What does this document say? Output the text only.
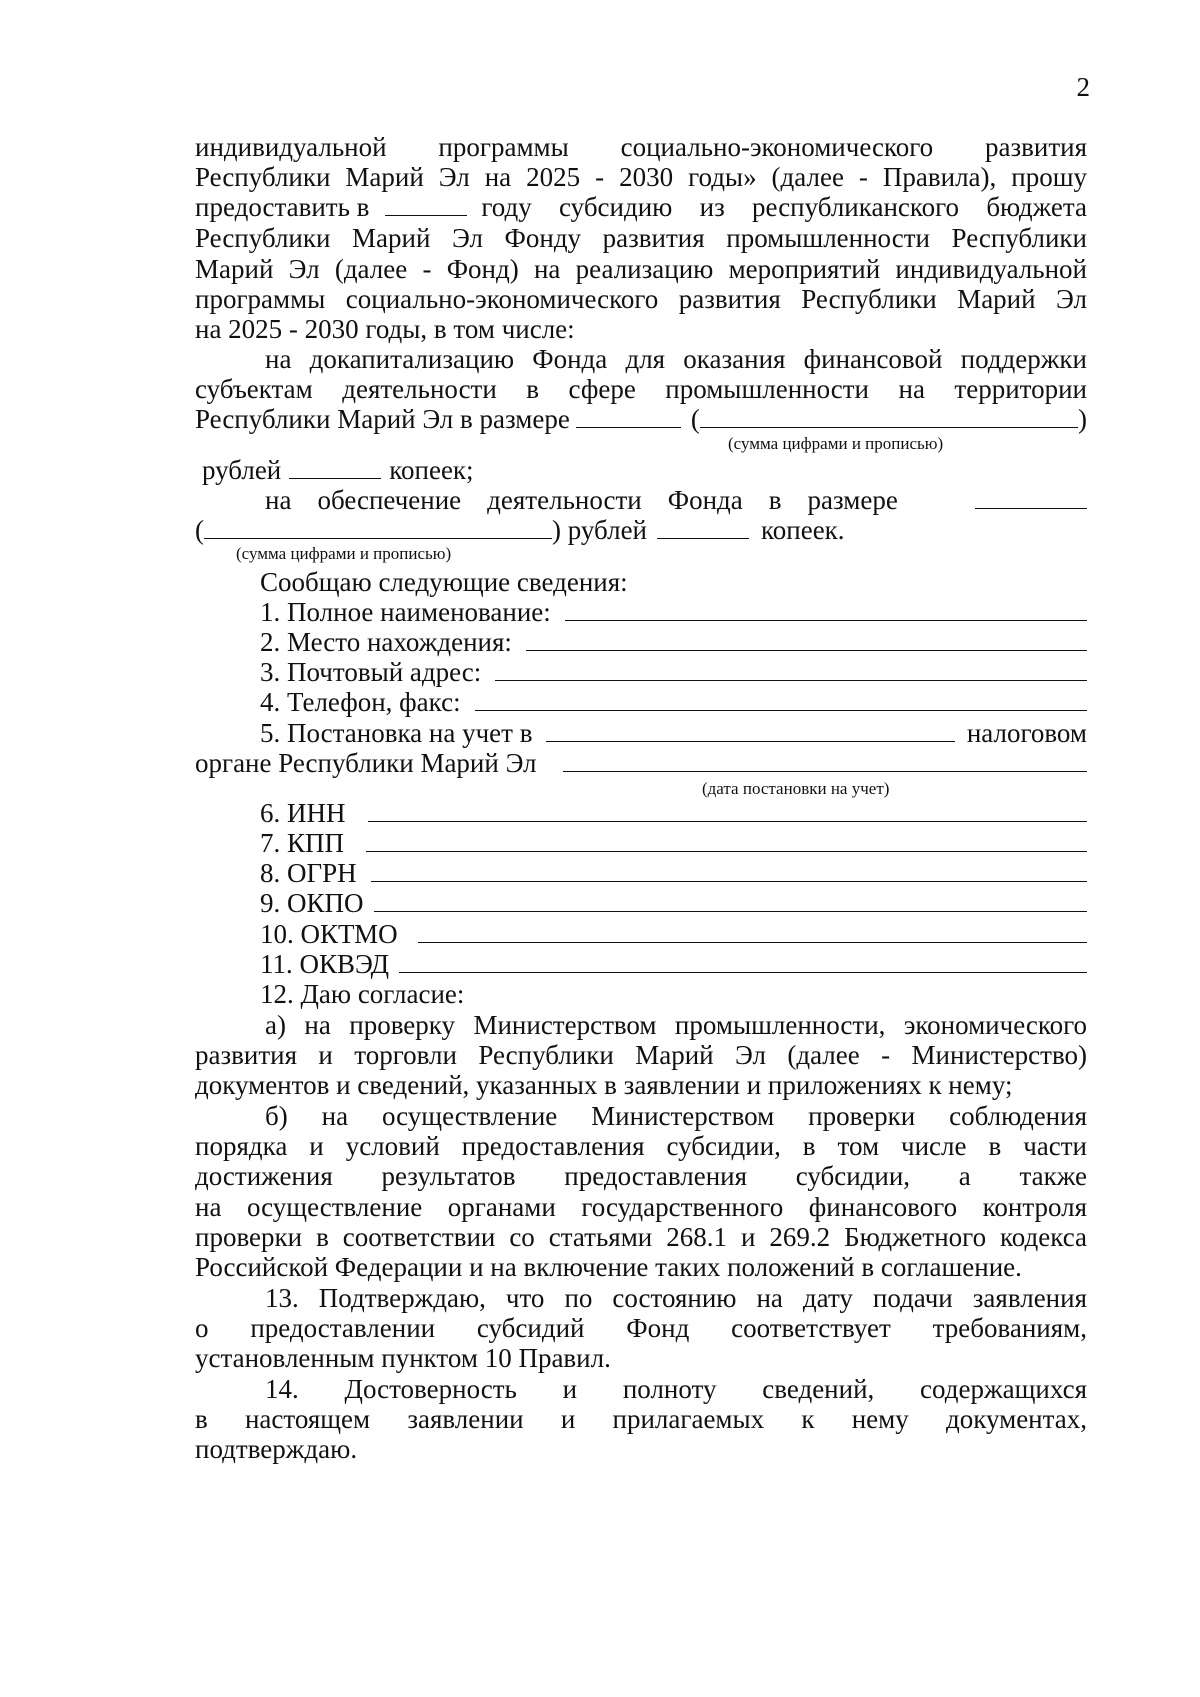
2
индивидуальной программы социально-экономического развития
Республики Марий Эл на 2025 - 2030 годы» (далее - Правила), прошу
предоставить в	году субсидию из республиканского бюджета
Республики Марий Эл Фонду развития промышленности Республики
Марий Эл (далее - Фонд) на реализацию мероприятий индивидуальной
программы социально-экономического развития Республики Марий Эл
на 2025 - 2030 годы, в том числе:
на докапитализацию Фонда для оказания финансовой поддержки
субъектам деятельности в сфере промышленности на территории
Республики Марий Эл в размере	(	)
(сумма цифрами и прописью)
рублей	копеек;
на обеспечение деятельности Фонда в размере
(	) рублей	копеек.
(сумма цифрами и прописью)
Сообщаю следующие сведения:
1. Полное наименование:
2. Место нахождения:
3. Почтовый адрес:
4. Телефон, факс:
5. Постановка на учет в	налоговом
органе Республики Марий Эл
(дата постановки на учет)
6. ИНН
7. КПП
8. ОГРН
9. ОКПО
10. ОКТМО
11. ОКВЭД
12. Даю согласие:
а) на проверку Министерством промышленности, экономического
развития и торговли Республики Марий Эл (далее - Министерство)
документов и сведений, указанных в заявлении и приложениях к нему;
б) на осуществление Министерством проверки соблюдения
порядка и условий предоставления субсидии, в том числе в части
достижения результатов предоставления субсидии, а также
на осуществление органами государственного финансового контроля
проверки в соответствии со статьями 268.1 и 269.2 Бюджетного кодекса
Российской Федерации и на включение таких положений в соглашение.
13. Подтверждаю, что по состоянию на дату подачи заявления
о предоставлении субсидий Фонд соответствует требованиям,
установленным пунктом 10 Правил.
14. Достоверность и полноту сведений, содержащихся
в настоящем заявлении и прилагаемых к нему документах,
подтверждаю.
